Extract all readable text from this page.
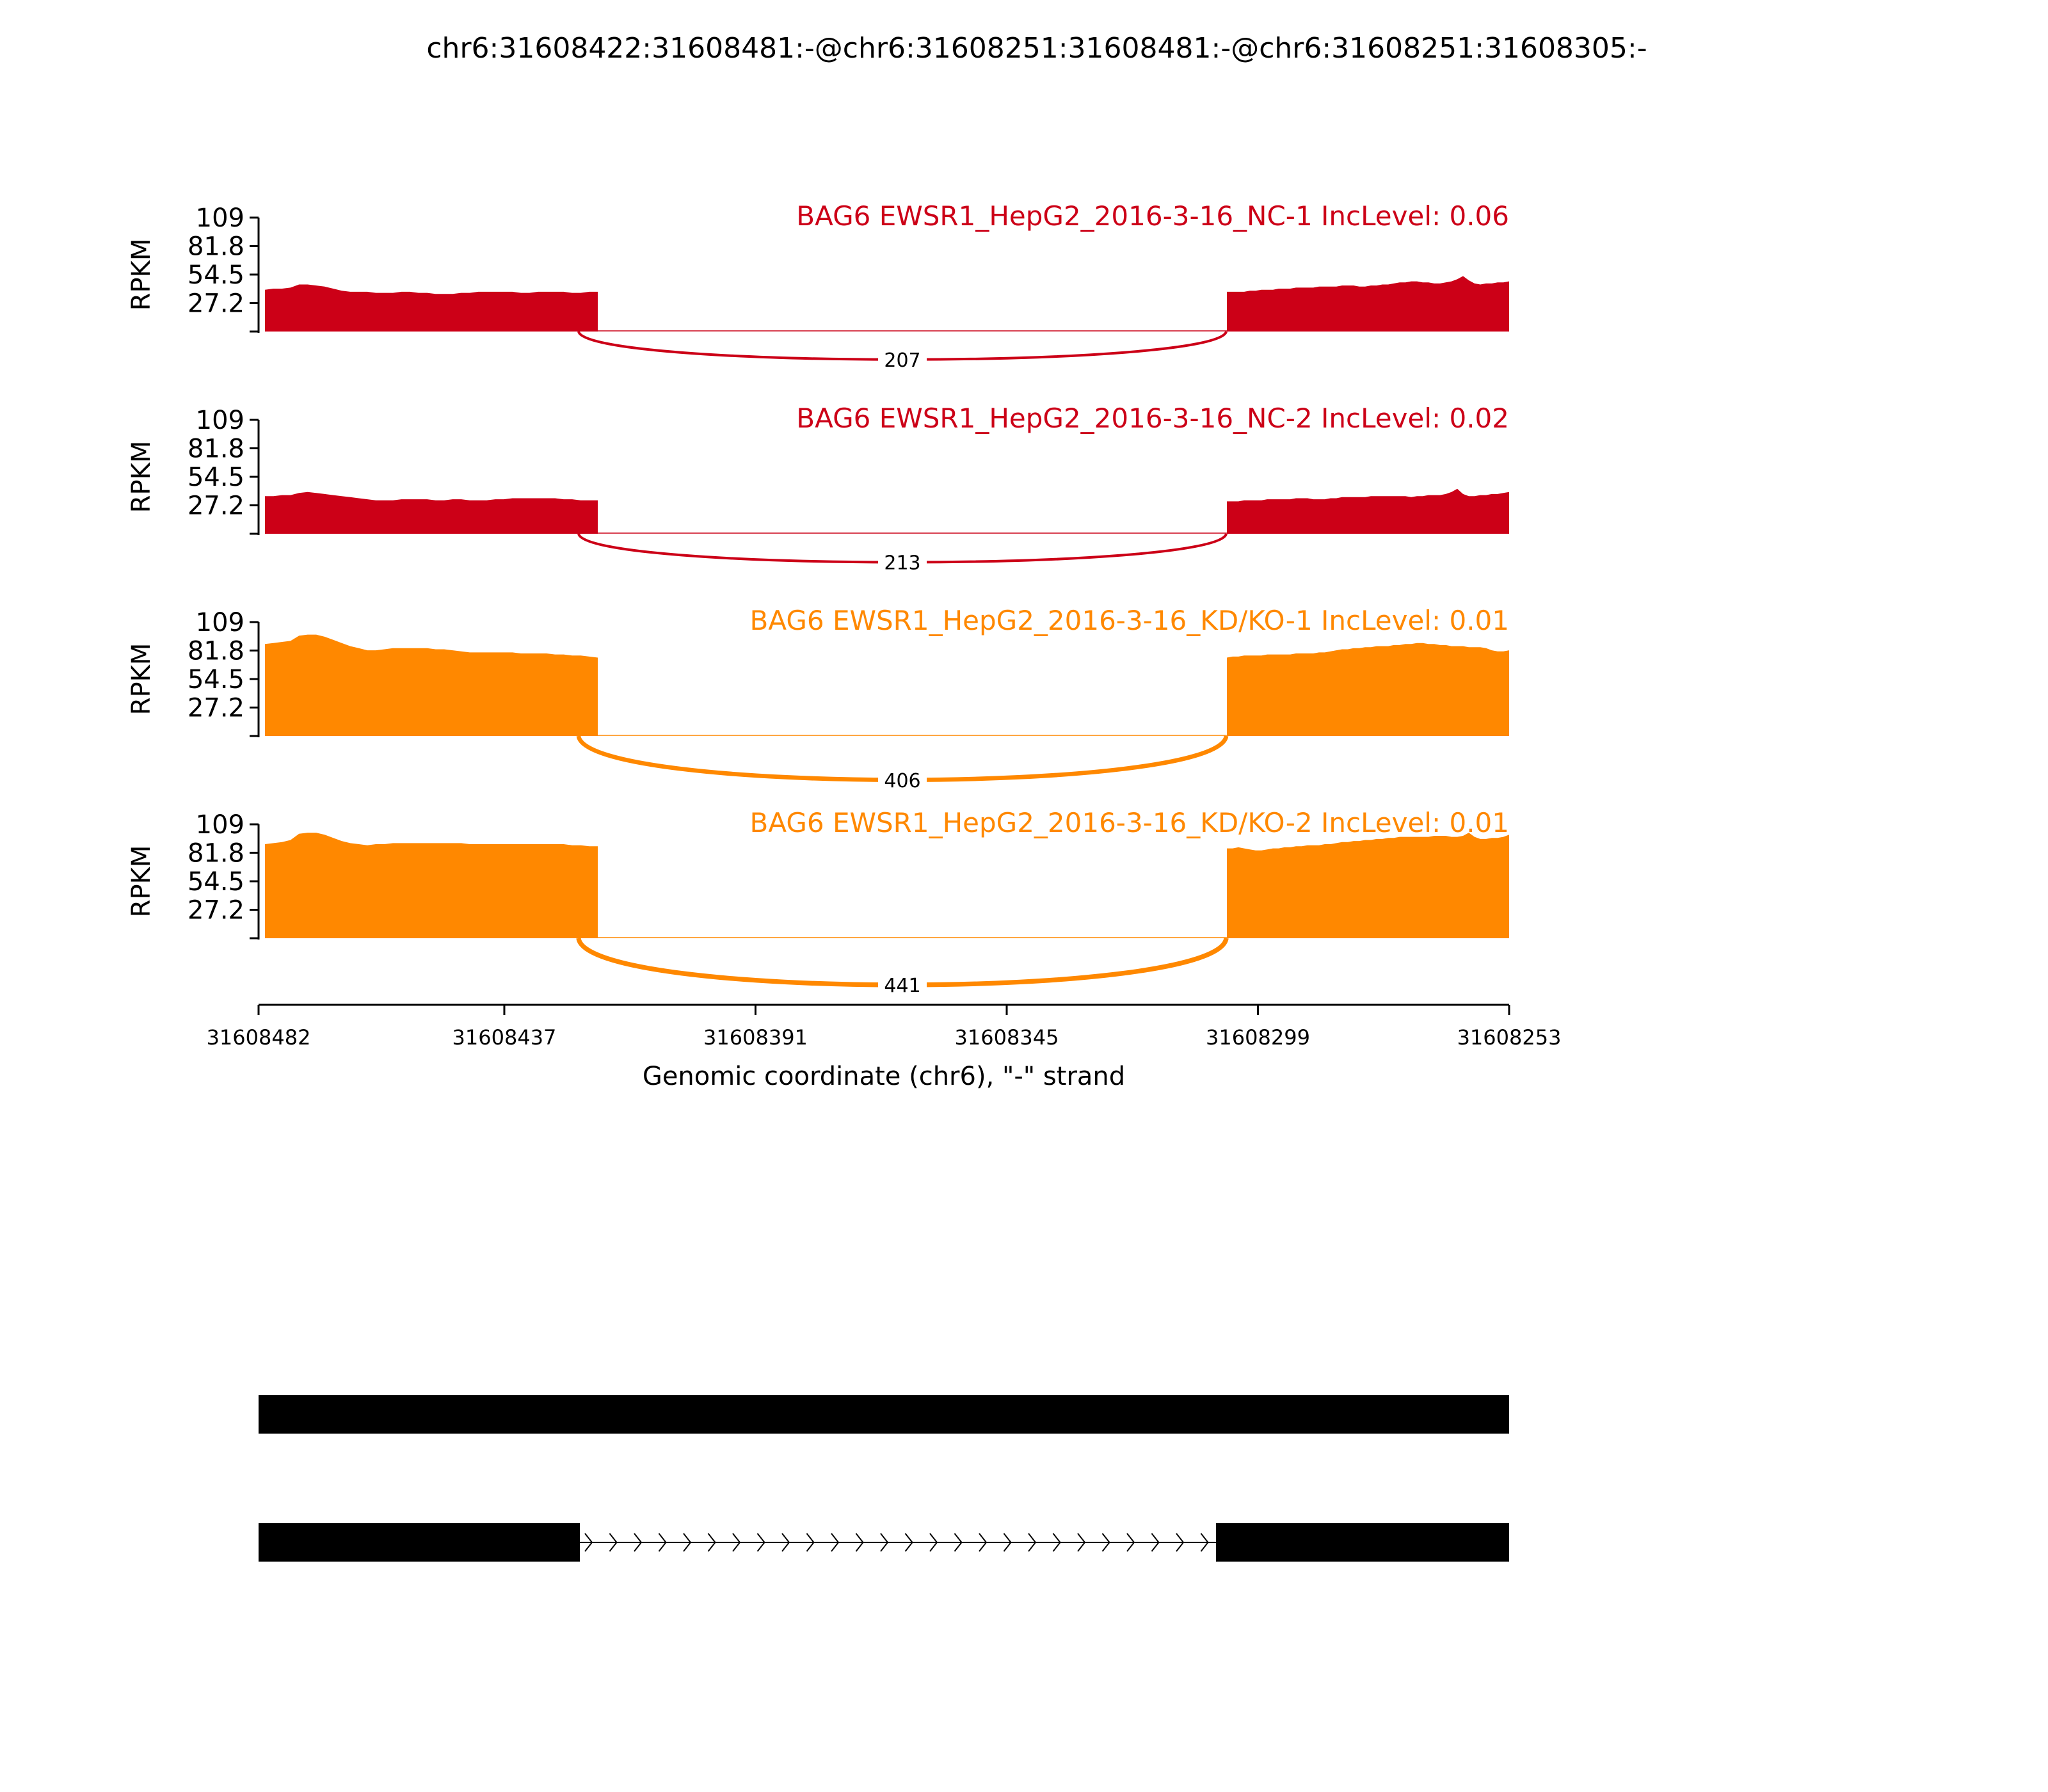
chr6:31608422:31608481:-@chr6:31608251:31608481:-@chr6:31608251:31608305:-
27.2
54.5
81.8
109
RPKM
207
BAG6 EWSR1_HepG2_2016-3-16_NC-1 IncLevel: 0.06
27.2
54.5
81.8
109
RPKM
213
BAG6 EWSR1_HepG2_2016-3-16_NC-2 IncLevel: 0.02
27.2
54.5
81.8
109
RPKM
406
BAG6 EWSR1_HepG2_2016-3-16_KD/KO-1 IncLevel: 0.01
27.2
54.5
81.8
109
RPKM
441
BAG6 EWSR1_HepG2_2016-3-16_KD/KO-2 IncLevel: 0.01
31608482	31608437	31608391	31608345	31608299	31608253
Genomic coordinate (chr6), "-" strand
